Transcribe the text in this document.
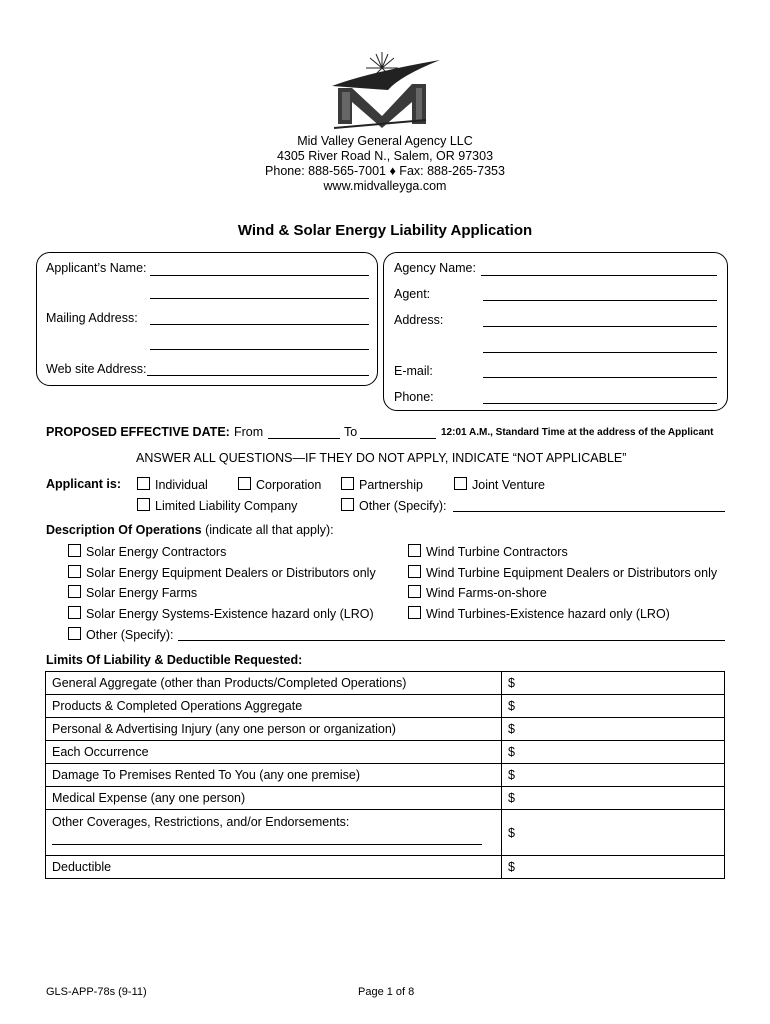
Mid Valley General Agency LLC
4305 River Road N., Salem, OR 97303
Phone: 888-565-7001 ♦ Fax: 888-265-7353
www.midvalleyga.com
Wind & Solar Energy Liability Application
Applicant’s Name:
Mailing Address:
Web site Address:
Agency Name:
Agent:
Address:
E-mail:
Phone:
PROPOSED EFFECTIVE DATE: From	To	12:01 A.M., Standard Time at the address of the Applicant
ANSWER ALL QUESTIONS—IF THEY DO NOT APPLY, INDICATE “NOT APPLICABLE”
Applicant is:	Individual	Corporation	Partnership	Joint Venture
Limited Liability Company	Other (Specify):
Description Of Operations (indicate all that apply):
Solar Energy Contractors
Solar Energy Equipment Dealers or Distributors only
Solar Energy Farms
Solar Energy Systems-Existence hazard only (LRO)
Other (Specify):
Wind Turbine Contractors
Wind Turbine Equipment Dealers or Distributors only
Wind Farms-on-shore
Wind Turbines-Existence hazard only (LRO)
Limits Of Liability & Deductible Requested:
General Aggregate (other than Products/Completed Operations)	$
Products & Completed Operations Aggregate	$
Personal & Advertising Injury (any one person or organization)	$
Each Occurrence	$
Damage To Premises Rented To You (any one premise)	$
Medical Expense (any one person)	$

Other Coverages, Restrictions, and/or Endorsements:	$
Deductible	$
GLS-APP-78s (9-11)	Page 1 of 8
